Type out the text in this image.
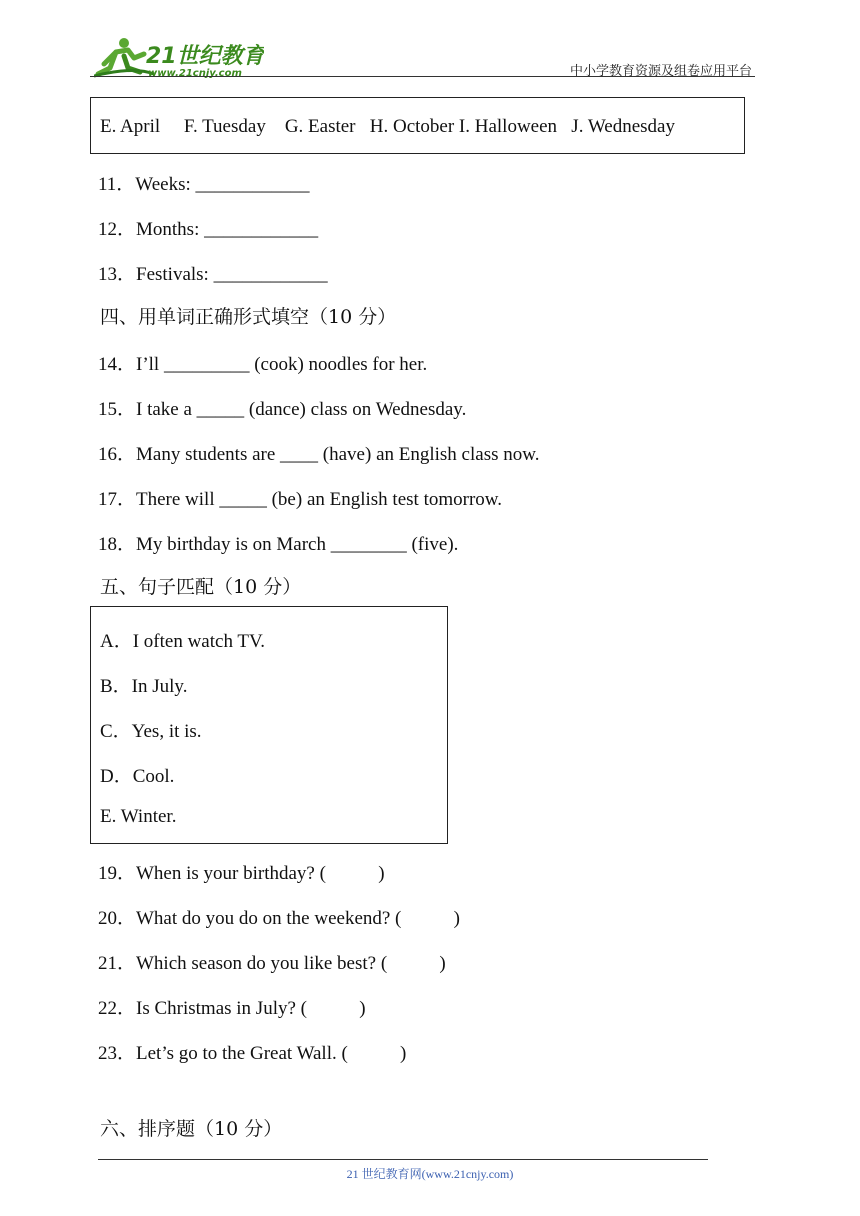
21世纪教育
www.21cnjy.com	中小学教育资源及组卷应用平台
E. April     F. Tuesday    G. Easter   H. October I. Halloween   J. Wednesday
11．Weeks: ____________
12．Months: ____________
13．Festivals: ____________
四、用单词正确形式填空（10 分）
14．I’ll _________ (cook) noodles for her.
15．I take a _____ (dance) class on Wednesday.
16．Many students are ____ (have) an English class now.
17．There will _____ (be) an English test tomorrow.
18．My birthday is on March ________ (five).
五、句子匹配（10 分）
A．I often watch TV.
B．In July.
C．Yes, it is.
D．Cool.
E. Winter.
19．When is your birthday? (           )
20．What do you do on the weekend? (           )
21．Which season do you like best? (           )
22．Is Christmas in July? (           )
23．Let’s go to the Great Wall. (           )
六、排序题（10 分）
21 世纪教育网(www.21cnjy.com)
